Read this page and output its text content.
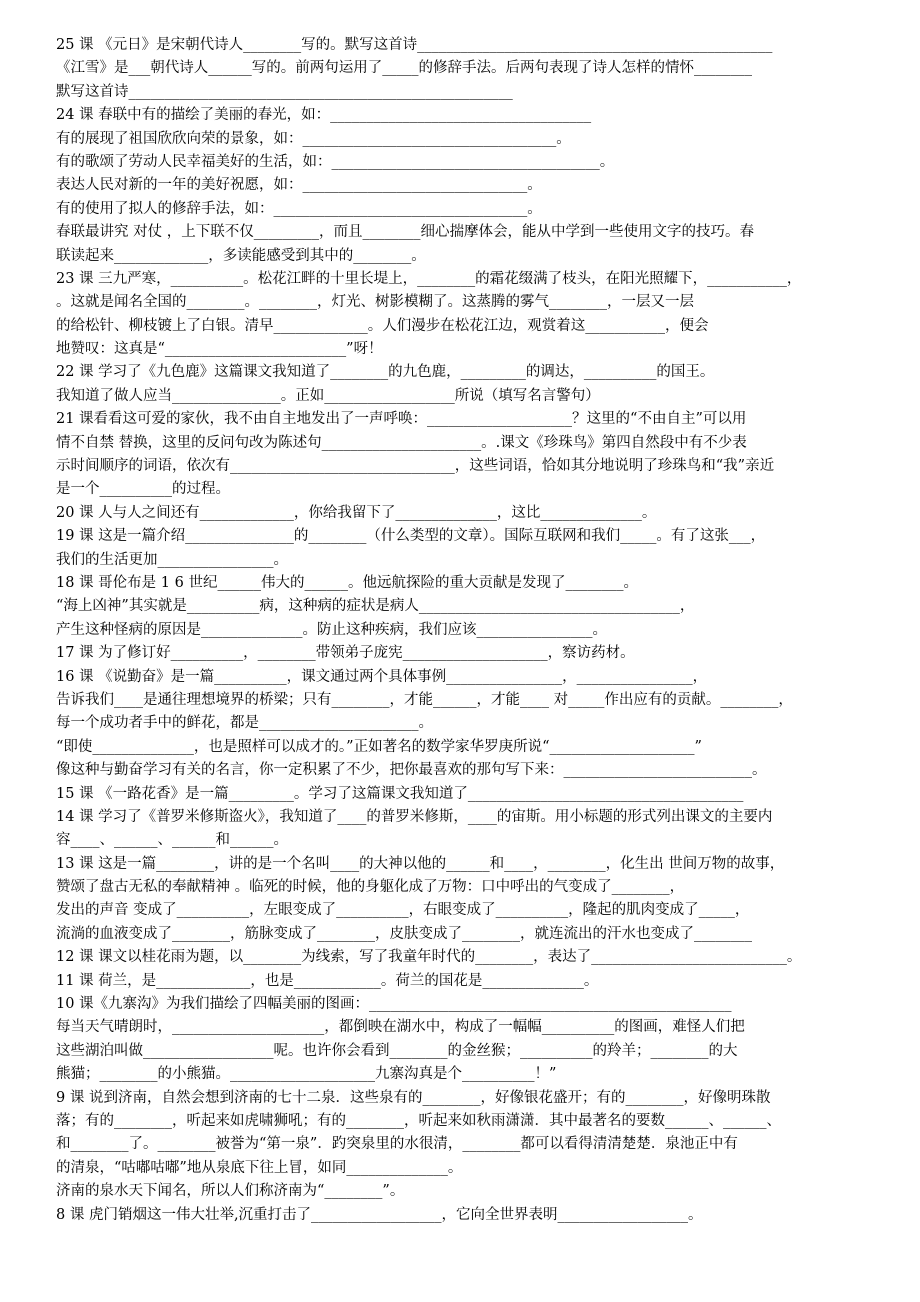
25 课 《元日》是宋朝代诗人________写的。默写这首诗_________________________________________________
《江雪》是___朝代诗人______写的。前两句运用了_____的修辞手法。后两句表现了诗人怎样的情怀________
默写这首诗_____________________________________________________
24 课 春联中有的描绘了美丽的春光，如：____________________________________
有的展现了祖国欣欣向荣的景象，如：___________________________________。
有的歌颂了劳动人民幸福美好的生活，如：_____________________________________。
表达人民对新的一年的美好祝愿，如：_______________________________。
有的使用了拟人的修辞手法，如：___________________________________。
春联最讲究 对仗 ，上下联不仅_________，而且________细心揣摩体会，能从中学到一些使用文字的技巧。春
联读起来_____________，多读能感受到其中的________。
23 课 三九严寒，__________。松花江畔的十里长堤上，________的霜花缀满了枝头，在阳光照耀下，___________，
。这就是闻名全国的________。________，灯光、树影模糊了。这蒸腾的雾气________，一层又一层
的给松针、柳枝镀上了白银。清早_____________。人们漫步在松花江边，观赏着这___________，便会
地赞叹：这真是“_________________________”呀！
22 课 学习了《九色鹿》这篇课文我知道了________的九色鹿，_________的调达，__________的国王。
我知道了做人应当_______________。正如__________________所说（填写名言警句）
21 课看看这可爱的家伙，我不由自主地发出了一声呼唤：____________________？这里的“不由自主”可以用
情不自禁 替换，这里的反问句改为陈述句______________________。.课文《珍珠鸟》第四自然段中有不少表
示时间顺序的词语，依次有_______________________________，这些词语，恰如其分地说明了珍珠鸟和“我”亲近
是一个__________的过程。
20 课 人与人之间还有_____________，你给我留下了______________，这比______________。
19 课 这是一篇介绍_______________的________（什么类型的文章）。国际互联网和我们_____。有了这张___，
我们的生活更加________________。
18 课 哥伦布是 1 6 世纪______伟大的______。他远航探险的重大贡献是发现了________。
“海上凶神”其实就是__________病，这种病的症状是病人____________________________________，
产生这种怪病的原因是______________。防止这种疾病，我们应该________________。
17 课 为了修订好__________，________带领弟子庞宪____________________，察访药材。
16 课 《说勤奋》是一篇__________，课文通过两个具体事例________________，________________，
告诉我们____是通往理想境界的桥梁；只有________，才能______，才能____ 对_____作出应有的贡献。________，
每一个成功者手中的鲜花，都是______________________。
“即使______________，也是照样可以成才的。”正如著名的数学家华罗庚所说“____________________”
像这种与勤奋学习有关的名言，你一定积累了不少，把你最喜欢的那句写下来：__________________________。
15 课 《一路花香》是一篇_________。学习了这篇课文我知道了______________________________________
14 课 学习了《普罗米修斯盗火》，我知道了____的普罗米修斯，____的宙斯。用小标题的形式列出课文的主要内
容____、______、______和______。
13 课 这是一篇________，讲的是一个名叫____的大神以他的______和____，________，化生出 世间万物的故事，
赞颂了盘古无私的奉献精神 。临死的时候，他的身躯化成了万物：口中呼出的气变成了________，
发出的声音 变成了__________，左眼变成了__________，右眼变成了__________，隆起的肌肉变成了_____，
流淌的血液变成了________，筋脉变成了________，皮肤变成了________，就连流出的汗水也变成了________
12 课 课文以桂花雨为题，以________为线索，写了我童年时代的________，表达了___________________________。
11 课 荷兰，是_____________，也是____________。荷兰的国花是______________。
10 课《九寨沟》为我们描绘了四幅美丽的图画：__________________________________________________
每当天气晴朗时，_____________________，都倒映在湖水中，构成了一幅幅__________的图画，难怪人们把
这些湖泊叫做__________________呢。也许你会看到________的金丝猴；__________的羚羊；________的大
熊猫；________的小熊猫。____________________九寨沟真是个__________！”
9 课 说到济南，自然会想到济南的七十二泉．这些泉有的________，好像银花盛开；有的________，好像明珠散
落；有的________，听起来如虎啸狮吼；有的________，听起来如秋雨潇潇．其中最著名的要数______、______、
和________了。________被誉为“第一泉”．趵突泉里的水很清，________都可以看得清清楚楚．泉池正中有
的清泉，“咕嘟咕嘟”地从泉底下往上冒，如同______________。
济南的泉水天下闻名，所以人们称济南为“________”。
8 课 虎门销烟这一伟大壮举,沉重打击了__________________，它向全世界表明__________________。
